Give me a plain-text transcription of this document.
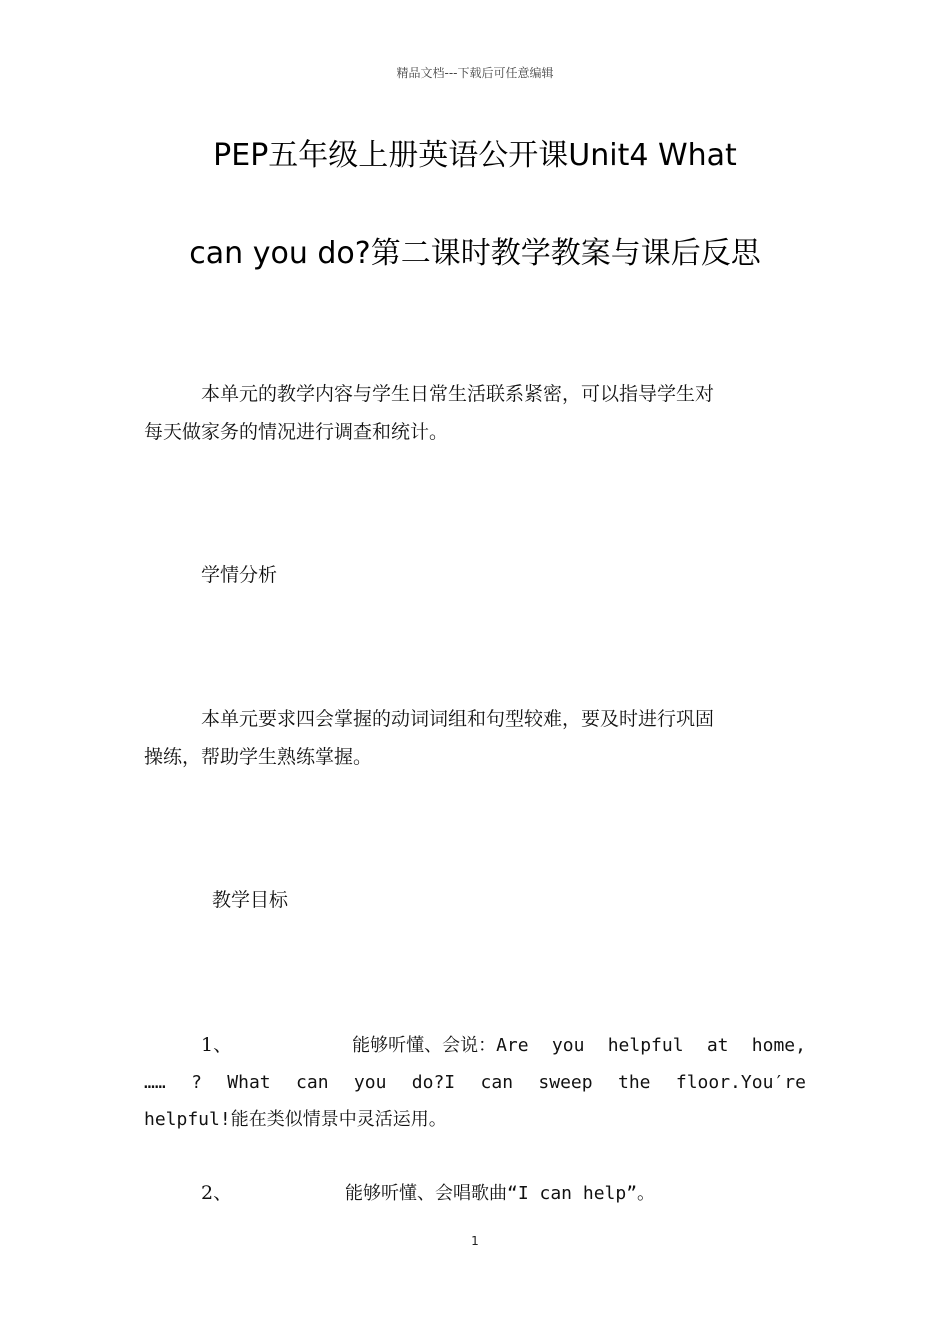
精品文档---下载后可任意编辑
PEP五年级上册英语公开课Unit4 What
can you do?第二课时教学教案与课后反思
本单元的教学内容与学生日常生活联系紧密，可以指导学生对
每天做家务的情况进行调查和统计。
学情分析
本单元要求四会掌握的动词词组和句型较难，要及时进行巩固
操练，帮助学生熟练掌握。
教学目标
1、	能够听懂、会说：Are you helpful at home,
…… ? What can you do?I can sweep the floor.You′re
helpful!能在类似情景中灵活运用。
2、	能够听懂、会唱歌曲“I can help”。
1
